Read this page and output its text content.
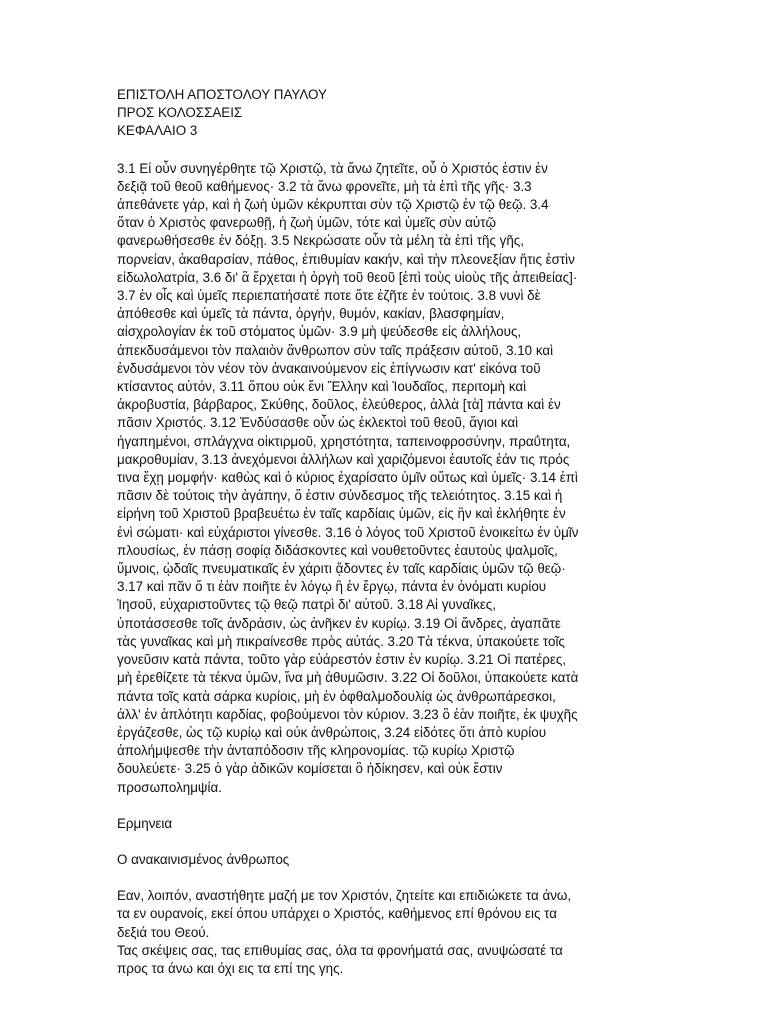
ΕΠΙΣΤΟΛΗ ΑΠΟΣΤΟΛΟΥ ΠΑΥΛΟΥ
ΠΡΟΣ ΚΟΛΟΣΣΑΕΙΣ
ΚΕΦΑΛΑΙΟ 3

3.1 Εἰ οὖν συνηγέρθητε τῷ Χριστῷ, τὰ ἄνω ζητεῖτε, οὗ ὁ Χριστός ἐστιν ἐν
δεξιᾷ τοῦ θεοῦ καθήμενος· 3.2 τὰ ἄνω φρονεῖτε, μὴ τὰ ἐπὶ τῆς γῆς· 3.3
ἀπεθάνετε γάρ, καὶ ἡ ζωὴ ὑμῶν κέκρυπται σὺν τῷ Χριστῷ ἐν τῷ θεῷ. 3.4
ὅταν ὁ Χριστὸς φανερωθῇ, ἡ ζωὴ ὑμῶν, τότε καὶ ὑμεῖς σὺν αὐτῷ
φανερωθήσεσθε ἐν δόξῃ. 3.5 Νεκρώσατε οὖν τὰ μέλη τὰ ἐπὶ τῆς γῆς,
πορνείαν, ἀκαθαρσίαν, πάθος, ἐπιθυμίαν κακήν, καὶ τὴν πλεονεξίαν ἥτις ἐστὶν
εἰδωλολατρία, 3.6 δι' ἃ ἔρχεται ἡ ὀργὴ τοῦ θεοῦ [ἐπὶ τοὺς υἱοὺς τῆς ἀπειθείας]·
3.7 ἐν οἷς καὶ ὑμεῖς περιεπατήσατέ ποτε ὅτε ἐζῆτε ἐν τούτοις. 3.8 νυνὶ δὲ
ἀπόθεσθε καὶ ὑμεῖς τὰ πάντα, ὀργήν, θυμόν, κακίαν, βλασφημίαν,
αἰσχρολογίαν ἐκ τοῦ στόματος ὑμῶν· 3.9 μὴ ψεύδεσθε εἰς ἀλλήλους,
ἀπεκδυσάμενοι τὸν παλαιὸν ἄνθρωπον σὺν ταῖς πράξεσιν αὐτοῦ, 3.10 καὶ
ἐνδυσάμενοι τὸν νέον τὸν ἀνακαινούμενον εἰς ἐπίγνωσιν κατ' εἰκόνα τοῦ
κτίσαντος αὐτόν, 3.11 ὅπου οὐκ ἔνι Ἕλλην καὶ Ἰουδαῖος, περιτομὴ καὶ
ἀκροβυστία, βάρβαρος, Σκύθης, δοῦλος, ἐλεύθερος, ἀλλὰ [τὰ] πάντα καὶ ἐν
πᾶσιν Χριστός. 3.12 Ἐνδύσασθε οὖν ὡς ἐκλεκτοὶ τοῦ θεοῦ, ἅγιοι καὶ
ἠγαπημένοι, σπλάγχνα οἰκτιρμοῦ, χρηστότητα, ταπεινοφροσύνην, πραΰτητα,
μακροθυμίαν, 3.13 ἀνεχόμενοι ἀλλήλων καὶ χαριζόμενοι ἑαυτοῖς ἐάν τις πρός
τινα ἔχῃ μομφήν· καθὼς καὶ ὁ κύριος ἐχαρίσατο ὑμῖν οὕτως καὶ ὑμεῖς· 3.14 ἐπὶ
πᾶσιν δὲ τούτοις τὴν ἀγάπην, ὅ ἐστιν σύνδεσμος τῆς τελειότητος. 3.15 καὶ ἡ
εἰρήνη τοῦ Χριστοῦ βραβευέτω ἐν ταῖς καρδίαις ὑμῶν, εἰς ἣν καὶ ἐκλήθητε ἐν
ἑνὶ σώματι· καὶ εὐχάριστοι γίνεσθε. 3.16 ὁ λόγος τοῦ Χριστοῦ ἐνοικείτω ἐν ὑμῖν
πλουσίως, ἐν πάσῃ σοφίᾳ διδάσκοντες καὶ νουθετοῦντες ἑαυτοὺς ψαλμοῖς,
ὕμνοις, ᾠδαῖς πνευματικαῖς ἐν χάριτι ᾄδοντες ἐν ταῖς καρδίαις ὑμῶν τῷ θεῷ·
3.17 καὶ πᾶν ὅ τι ἐὰν ποιῆτε ἐν λόγῳ ἢ ἐν ἔργῳ, πάντα ἐν ὀνόματι κυρίου
Ἰησοῦ, εὐχαριστοῦντες τῷ θεῷ πατρὶ δι' αὐτοῦ. 3.18 Αἱ γυναῖκες,
ὑποτάσσεσθε τοῖς ἀνδράσιν, ὡς ἀνῆκεν ἐν κυρίῳ. 3.19 Οἱ ἄνδρες, ἀγαπᾶτε
τὰς γυναῖκας καὶ μὴ πικραίνεσθε πρὸς αὐτάς. 3.20 Τὰ τέκνα, ὑπακούετε τοῖς
γονεῦσιν κατὰ πάντα, τοῦτο γὰρ εὐάρεστόν ἐστιν ἐν κυρίῳ. 3.21 Οἱ πατέρες,
μὴ ἐρεθίζετε τὰ τέκνα ὑμῶν, ἵνα μὴ ἀθυμῶσιν. 3.22 Οἱ δοῦλοι, ὑπακούετε κατὰ
πάντα τοῖς κατὰ σάρκα κυρίοις, μὴ ἐν ὀφθαλμοδουλίᾳ ὡς ἀνθρωπάρεσκοι,
ἀλλ' ἐν ἁπλότητι καρδίας, φοβούμενοι τὸν κύριον. 3.23 ὃ ἐὰν ποιῆτε, ἐκ ψυχῆς
ἐργάζεσθε, ὡς τῷ κυρίῳ καὶ οὐκ ἀνθρώποις, 3.24 εἰδότες ὅτι ἀπὸ κυρίου
ἀπολήμψεσθε τὴν ἀνταπόδοσιν τῆς κληρονομίας. τῷ κυρίῳ Χριστῷ
δουλεύετε· 3.25 ὁ γὰρ ἀδικῶν κομίσεται ὃ ἠδίκησεν, καὶ οὐκ ἔστιν
προσωπολημψία.

Ερμηνεια

Ο ανακαινισμένος άνθρωπος

Εαν, λοιπόν, αναστήθητε μαζή με τον Χριστόν, ζητείτε και επιδιώκετε τα άνω,
τα εν ουρανοίς, εκεί όπου υπάρχει ο Χριστός, καθήμενος επί θρόνου εις τα
δεξιά του Θεού.
Τας σκέψεις σας, τας επιθυμίας σας, όλα τα φρονήματά σας, ανυψώσατέ τα
προς τα άνω και όχι εις τα επί της γης.
